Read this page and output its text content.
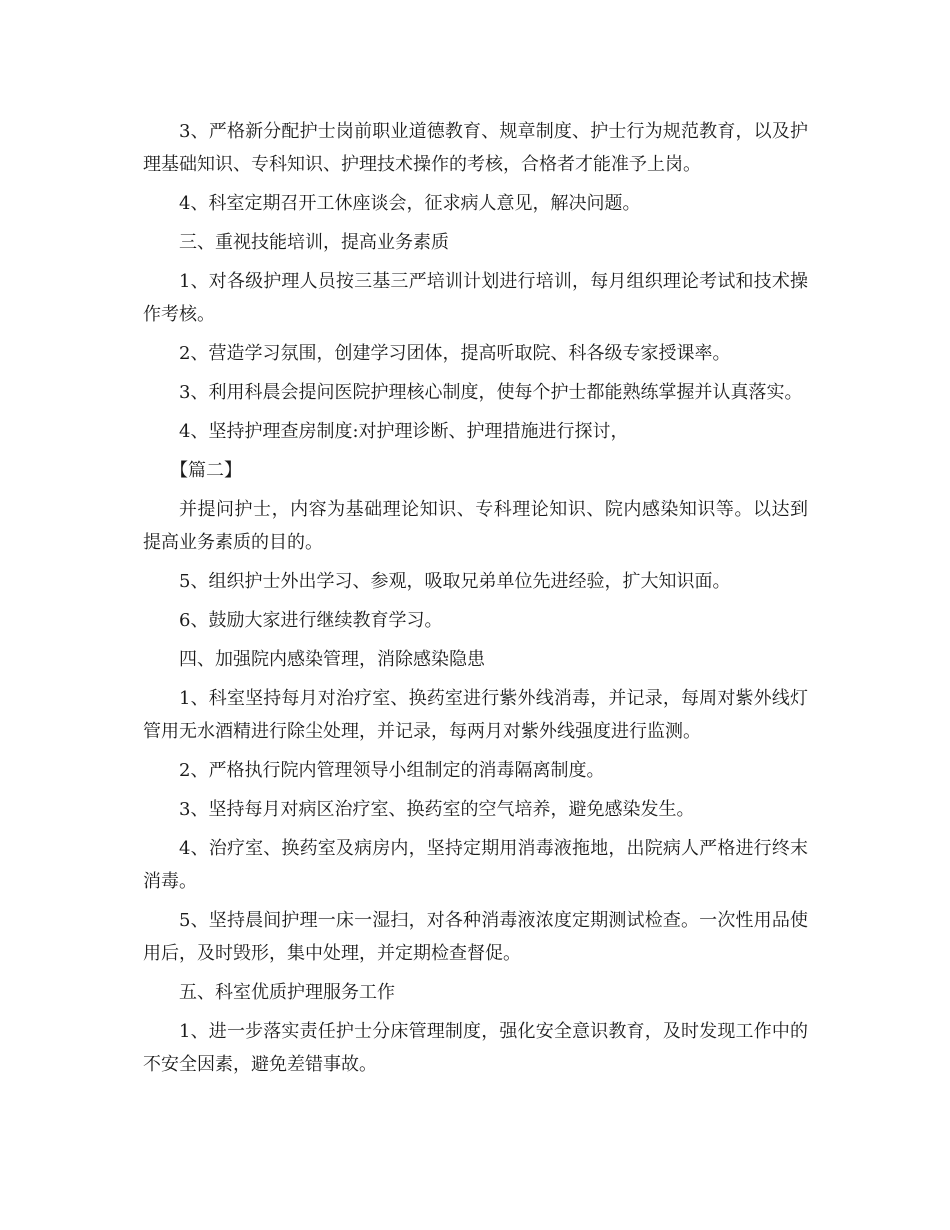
3、严格新分配护士岗前职业道德教育、规章制度、护士行为规范教育，以及护理基础知识、专科知识、护理技术操作的考核，合格者才能准予上岗。

4、科室定期召开工休座谈会，征求病人意见，解决问题。

三、重视技能培训，提高业务素质

1、对各级护理人员按三基三严培训计划进行培训，每月组织理论考试和技术操作考核。

2、营造学习氛围，创建学习团体，提高听取院、科各级专家授课率。

3、利用科晨会提问医院护理核心制度，使每个护士都能熟练掌握并认真落实。

4、坚持护理查房制度:对护理诊断、护理措施进行探讨，

【篇二】

并提问护士，内容为基础理论知识、专科理论知识、院内感染知识等。以达到提高业务素质的目的。

5、组织护士外出学习、参观，吸取兄弟单位先进经验，扩大知识面。

6、鼓励大家进行继续教育学习。

四、加强院内感染管理，消除感染隐患

1、科室坚持每月对治疗室、换药室进行紫外线消毒，并记录，每周对紫外线灯管用无水酒精进行除尘处理，并记录，每两月对紫外线强度进行监测。

2、严格执行院内管理领导小组制定的消毒隔离制度。

3、坚持每月对病区治疗室、换药室的空气培养，避免感染发生。

4、治疗室、换药室及病房内，坚持定期用消毒液拖地，出院病人严格进行终末消毒。

5、坚持晨间护理一床一湿扫，对各种消毒液浓度定期测试检查。一次性用品使用后，及时毁形，集中处理，并定期检查督促。

五、科室优质护理服务工作

1、进一步落实责任护士分床管理制度，强化安全意识教育，及时发现工作中的不安全因素，避免差错事故。
